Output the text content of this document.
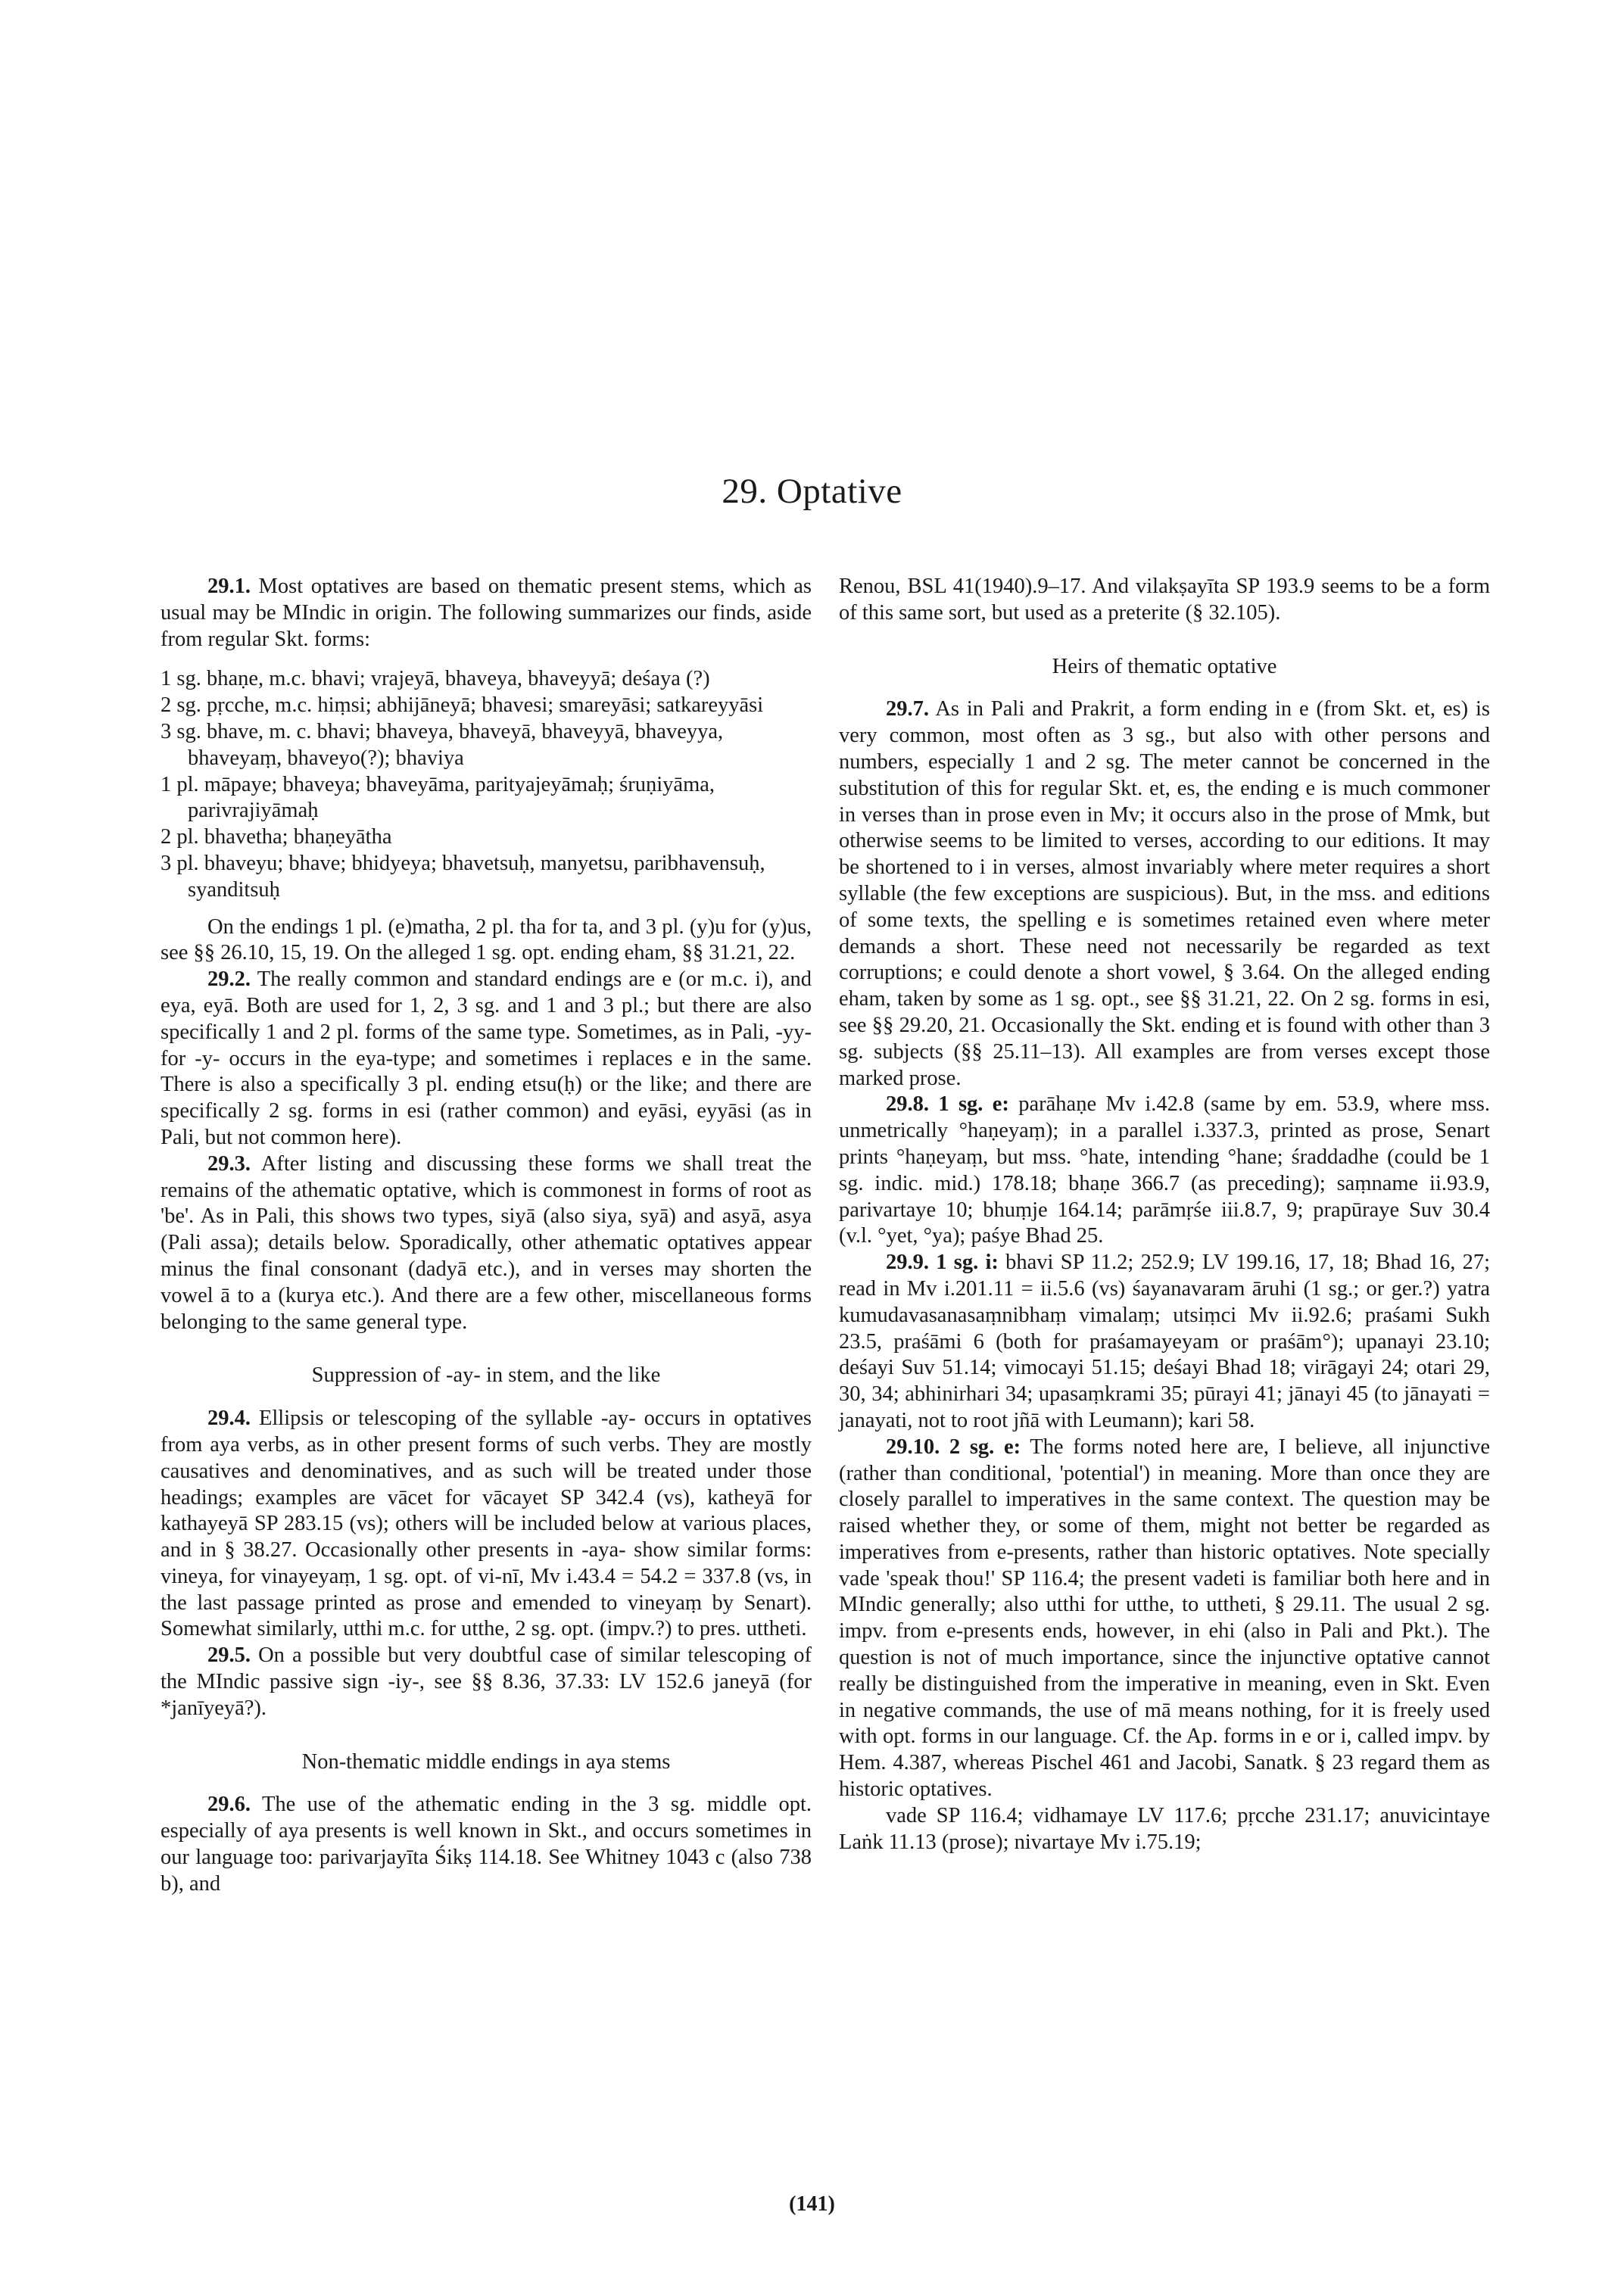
29. Optative

29.1. Most optatives are based on thematic present stems, which as usual may be MIndic in origin. The following summarizes our finds, aside from regular Skt. forms:

1 sg. bhaṇe, m.c. bhavi; vrajeyā, bhaveya, bhaveyyā; deśaya (?)

2 sg. pṛcche, m.c. hiṃsi; abhijāneyā; bhavesi; smareyāsi; satkareyyāsi

3 sg. bhave, m. c. bhavi; bhaveya, bhaveyā, bhaveyyā, bhaveyya, bhaveyaṃ, bhaveyo(?); bhaviya

1 pl. māpaye; bhaveya; bhaveyāma, parityajeyāmaḥ; śruṇiyāma, parivrajiyāmaḥ

2 pl. bhavetha; bhaṇeyātha

3 pl. bhaveyu; bhave; bhidyeya; bhavetsuḥ, manyetsu, paribhavensuḥ, syanditsuḥ

On the endings 1 pl. (e)matha, 2 pl. tha for ta, and 3 pl. (y)u for (y)us, see §§ 26.10, 15, 19. On the alleged 1 sg. opt. ending eham, §§ 31.21, 22.

29.2. The really common and standard endings are e (or m.c. i), and eya, eyā. Both are used for 1, 2, 3 sg. and 1 and 3 pl.; but there are also specifically 1 and 2 pl. forms of the same type. Sometimes, as in Pali, -yy- for -y- occurs in the eya-type; and sometimes i replaces e in the same. There is also a specifically 3 pl. ending etsu(ḥ) or the like; and there are specifically 2 sg. forms in esi (rather common) and eyāsi, eyyāsi (as in Pali, but not common here).

29.3. After listing and discussing these forms we shall treat the remains of the athematic optative, which is commonest in forms of root as 'be'. As in Pali, this shows two types, siyā (also siya, syā) and asyā, asya (Pali assa); details below. Sporadically, other athematic optatives appear minus the final consonant (dadyā etc.), and in verses may shorten the vowel ā to a (kurya etc.). And there are a few other, miscellaneous forms belonging to the same general type.

Suppression of -ay- in stem, and the like

29.4. Ellipsis or telescoping of the syllable -ay- occurs in optatives from aya verbs, as in other present forms of such verbs. They are mostly causatives and denominatives, and as such will be treated under those headings; examples are vācet for vācayet SP 342.4 (vs), katheyā for kathayeyā SP 283.15 (vs); others will be included below at various places, and in § 38.27. Occasionally other presents in -aya- show similar forms: vineya, for vinayeyaṃ, 1 sg. opt. of vi-nī, Mv i.43.4 = 54.2 = 337.8 (vs, in the last passage printed as prose and emended to vineyaṃ by Senart). Somewhat similarly, utthi m.c. for utthe, 2 sg. opt. (impv.?) to pres. uttheti.

29.5. On a possible but very doubtful case of similar telescoping of the MIndic passive sign -iy-, see §§ 8.36, 37.33: LV 152.6 janeyā (for *janīyeyā?).

Non-thematic middle endings in aya stems

29.6. The use of the athematic ending in the 3 sg. middle opt. especially of aya presents is well known in Skt., and occurs sometimes in our language too: parivarjayīta Śikṣ 114.18. See Whitney 1043 c (also 738 b), and

Renou, BSL 41(1940).9–17. And vilakṣayīta SP 193.9 seems to be a form of this same sort, but used as a preterite (§ 32.105).

Heirs of thematic optative

29.7. As in Pali and Prakrit, a form ending in e (from Skt. et, es) is very common, most often as 3 sg., but also with other persons and numbers, especially 1 and 2 sg. The meter cannot be concerned in the substitution of this for regular Skt. et, es, the ending e is much commoner in verses than in prose even in Mv; it occurs also in the prose of Mmk, but otherwise seems to be limited to verses, according to our editions. It may be shortened to i in verses, almost invariably where meter requires a short syllable (the few exceptions are suspicious). But, in the mss. and editions of some texts, the spelling e is sometimes retained even where meter demands a short. These need not necessarily be regarded as text corruptions; e could denote a short vowel, § 3.64. On the alleged ending eham, taken by some as 1 sg. opt., see §§ 31.21, 22. On 2 sg. forms in esi, see §§ 29.20, 21. Occasionally the Skt. ending et is found with other than 3 sg. subjects (§§ 25.11–13). All examples are from verses except those marked prose.

29.8. 1 sg. e: parāhaṇe Mv i.42.8 (same by em. 53.9, where mss. unmetrically °haṇeyaṃ); in a parallel i.337.3, printed as prose, Senart prints °haṇeyaṃ, but mss. °hate, intending °hane; śraddadhe (could be 1 sg. indic. mid.) 178.18; bhaṇe 366.7 (as preceding); saṃname ii.93.9, parivartaye 10; bhuṃje 164.14; parāmṛśe iii.8.7, 9; prapūraye Suv 30.4 (v.l. °yet, °ya); paśye Bhad 25.

29.9. 1 sg. i: bhavi SP 11.2; 252.9; LV 199.16, 17, 18; Bhad 16, 27; read in Mv i.201.11 = ii.5.6 (vs) śayanavaram āruhi (1 sg.; or ger.?) yatra kumudavasanasaṃnibhaṃ vimalaṃ; utsiṃci Mv ii.92.6; praśami Sukh 23.5, praśāmi 6 (both for praśamayeyam or praśām°); upanayi 23.10; deśayi Suv 51.14; vimocayi 51.15; deśayi Bhad 18; virāgayi 24; otari 29, 30, 34; abhinirhari 34; upasaṃkrami 35; pūrayi 41; jānayi 45 (to jānayati = janayati, not to root jñā with Leumann); kari 58.

29.10. 2 sg. e: The forms noted here are, I believe, all injunctive (rather than conditional, 'potential') in meaning. More than once they are closely parallel to imperatives in the same context. The question may be raised whether they, or some of them, might not better be regarded as imperatives from e-presents, rather than historic optatives. Note specially vade 'speak thou!' SP 116.4; the present vadeti is familiar both here and in MIndic generally; also utthi for utthe, to uttheti, § 29.11. The usual 2 sg. impv. from e-presents ends, however, in ehi (also in Pali and Pkt.). The question is not of much importance, since the injunctive optative cannot really be distinguished from the imperative in meaning, even in Skt. Even in negative commands, the use of mā means nothing, for it is freely used with opt. forms in our language. Cf. the Ap. forms in e or i, called impv. by Hem. 4.387, whereas Pischel 461 and Jacobi, Sanatk. § 23 regard them as historic optatives.

vade SP 116.4; vidhamaye LV 117.6; pṛcche 231.17; anuvicintaye Laṅk 11.13 (prose); nivartaye Mv i.75.19;

(141)
